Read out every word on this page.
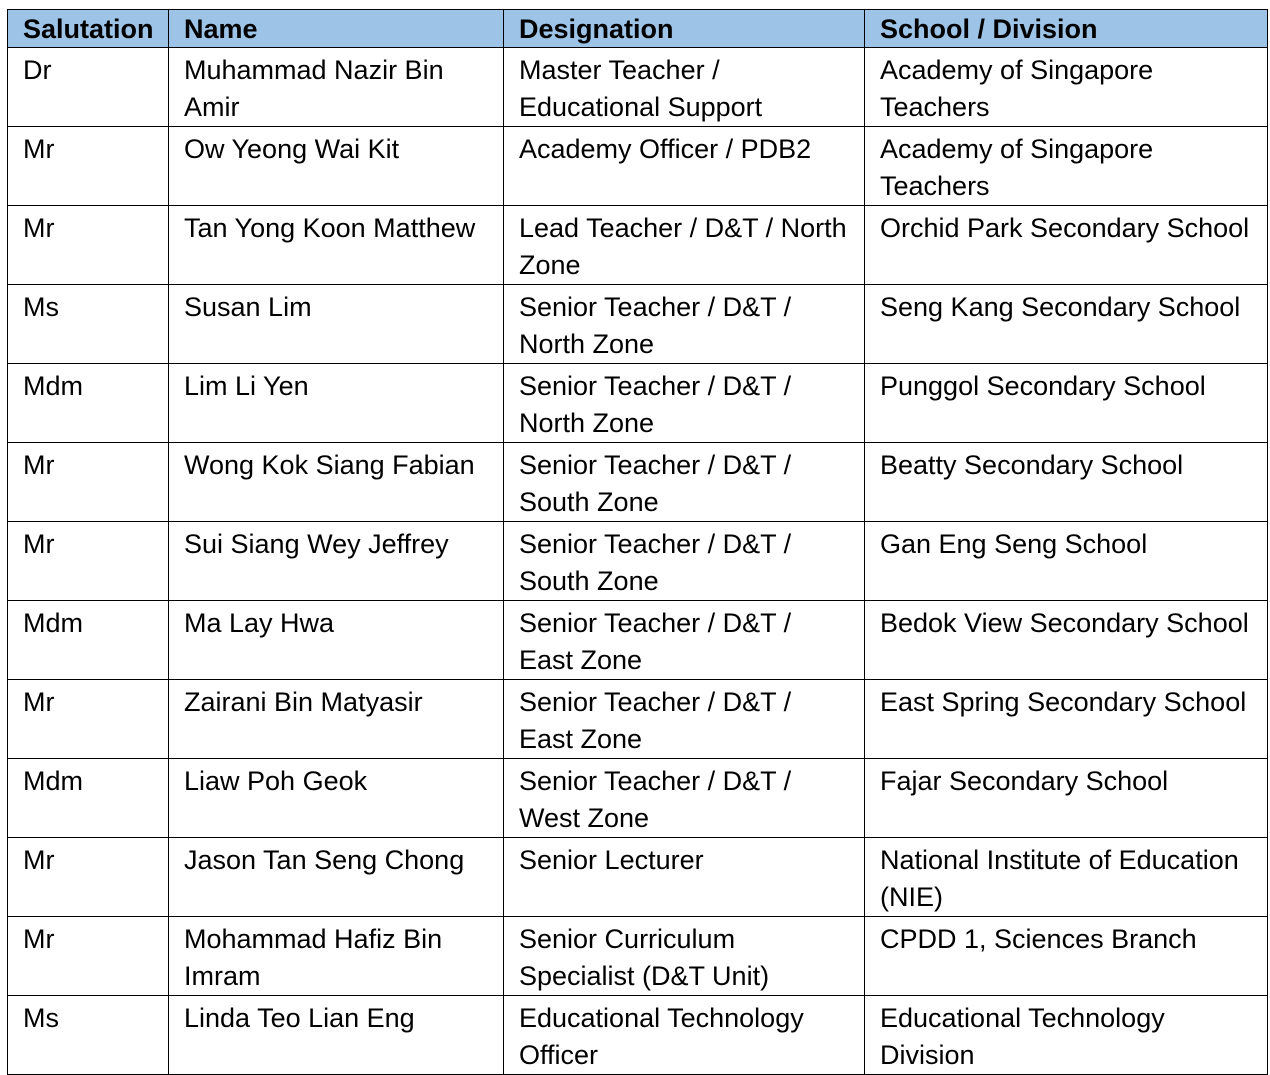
Salutation	Name	Designation	School / Division
Dr	Muhammad Nazir Bin Amir	Master Teacher / Educational Support	Academy of Singapore Teachers
Mr	Ow Yeong Wai Kit	Academy Officer / PDB2	Academy of Singapore Teachers
Mr	Tan Yong Koon Matthew	Lead Teacher / D&T / North Zone	Orchid Park Secondary School
Ms	Susan Lim	Senior Teacher / D&T / North Zone	Seng Kang Secondary School
Mdm	Lim Li Yen	Senior Teacher / D&T / North Zone	Punggol Secondary School
Mr	Wong Kok Siang Fabian	Senior Teacher / D&T / South Zone	Beatty Secondary School
Mr	Sui Siang Wey Jeffrey	Senior Teacher / D&T / South Zone	Gan Eng Seng School
Mdm	Ma Lay Hwa	Senior Teacher / D&T / East Zone	Bedok View Secondary School
Mr	Zairani Bin Matyasir	Senior Teacher / D&T / East Zone	East Spring Secondary School
Mdm	Liaw Poh Geok	Senior Teacher / D&T / West Zone	Fajar Secondary School
Mr	Jason Tan Seng Chong	Senior Lecturer	National Institute of Education (NIE)
Mr	Mohammad Hafiz Bin Imram	Senior Curriculum Specialist (D&T Unit)	CPDD 1, Sciences Branch
Ms	Linda Teo Lian Eng	Educational Technology Officer	Educational Technology Division
